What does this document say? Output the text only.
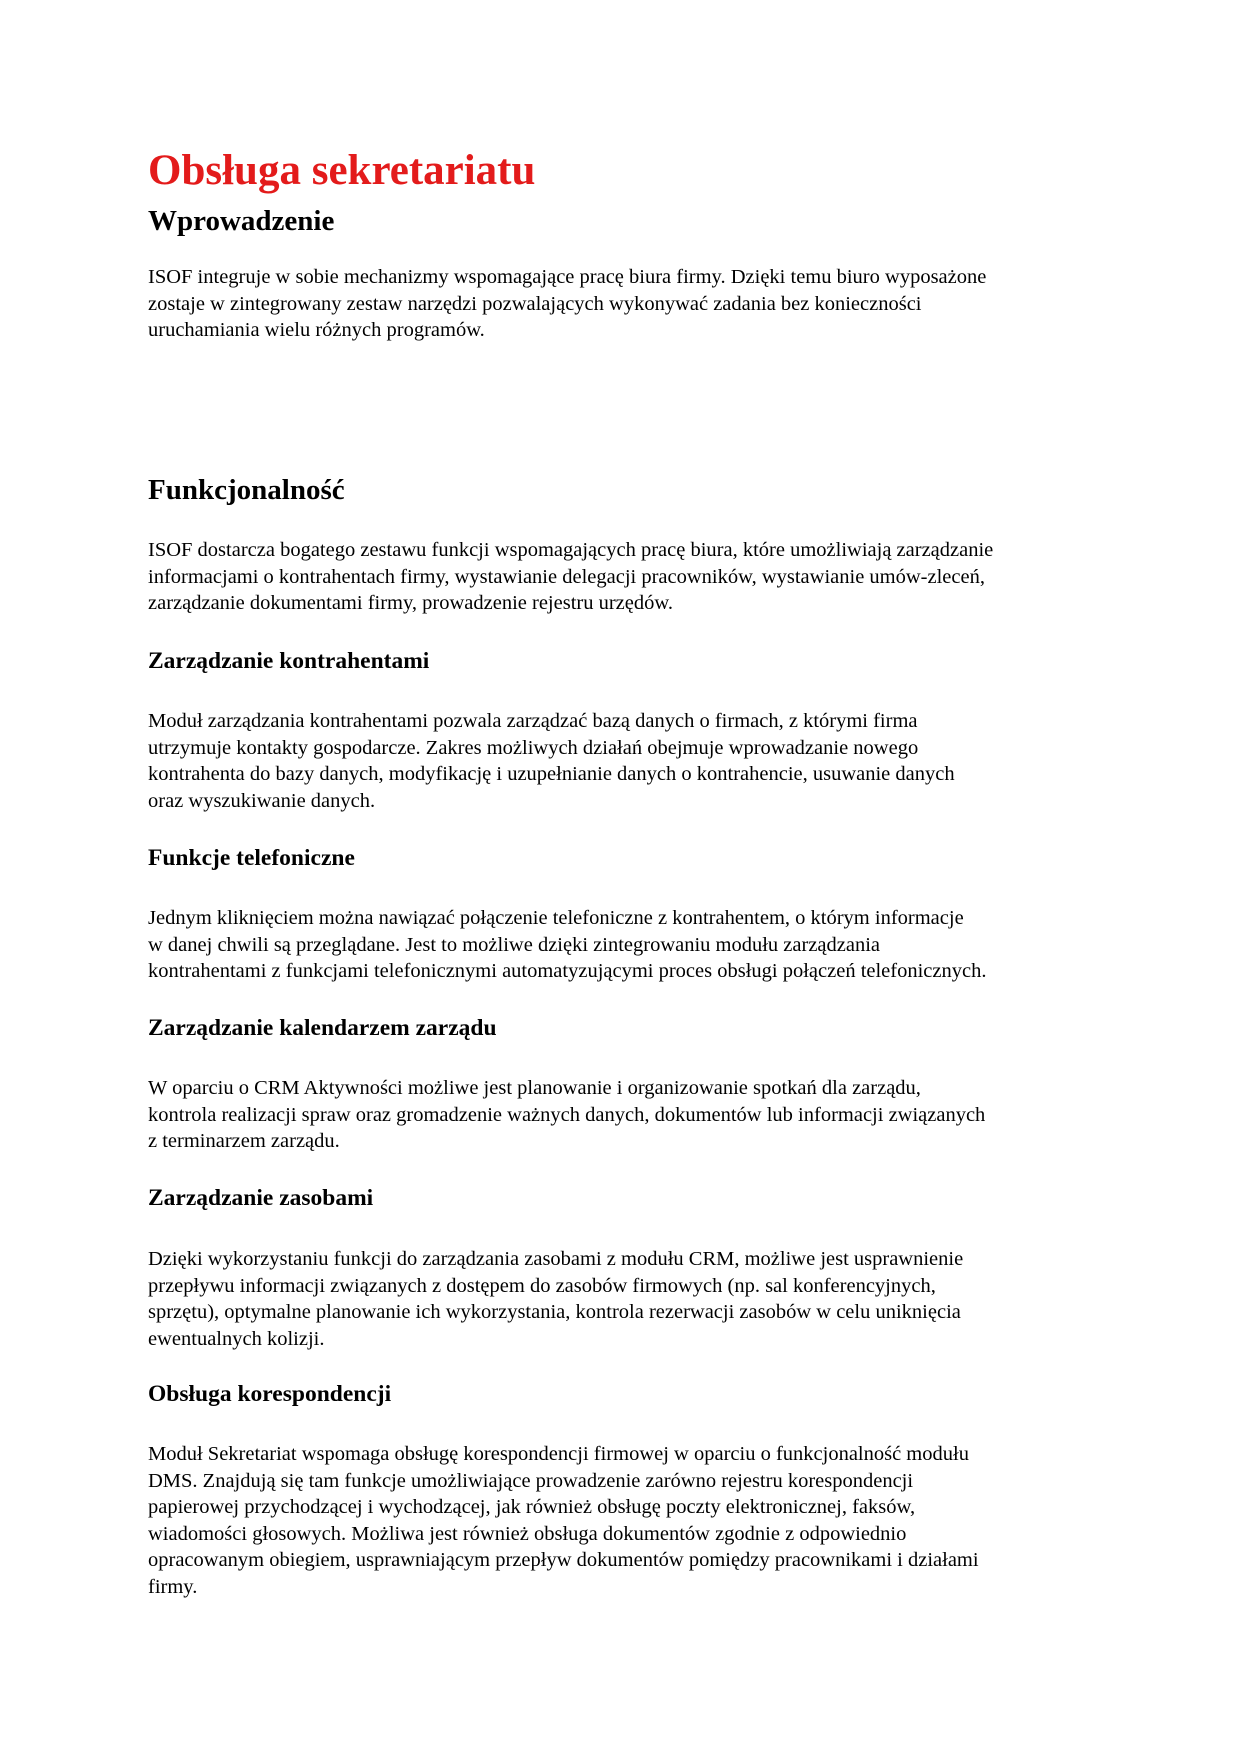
Obsługa sekretariatu
Wprowadzenie
ISOF integruje w sobie mechanizmy wspomagające pracę biura firmy. Dzięki temu biuro wyposażone
zostaje w zintegrowany zestaw narzędzi pozwalających wykonywać zadania bez konieczności
uruchamiania wielu różnych programów.
Funkcjonalność
ISOF dostarcza bogatego zestawu funkcji wspomagających pracę biura, które umożliwiają zarządzanie
informacjami o kontrahentach firmy, wystawianie delegacji pracowników, wystawianie umów-zleceń,
zarządzanie dokumentami firmy, prowadzenie rejestru urzędów.
Zarządzanie kontrahentami
Moduł zarządzania kontrahentami pozwala zarządzać bazą danych o firmach, z którymi firma
utrzymuje kontakty gospodarcze. Zakres możliwych działań obejmuje wprowadzanie nowego
kontrahenta do bazy danych, modyfikację i uzupełnianie danych o kontrahencie, usuwanie danych
oraz wyszukiwanie danych.
Funkcje telefoniczne
Jednym kliknięciem można nawiązać połączenie telefoniczne z kontrahentem, o którym informacje
w danej chwili są przeglądane. Jest to możliwe dzięki zintegrowaniu modułu zarządzania
kontrahentami z funkcjami telefonicznymi automatyzującymi proces obsługi połączeń telefonicznych.
Zarządzanie kalendarzem zarządu
W oparciu o CRM Aktywności możliwe jest planowanie i organizowanie spotkań dla zarządu,
kontrola realizacji spraw oraz gromadzenie ważnych danych, dokumentów lub informacji związanych
z terminarzem zarządu.
Zarządzanie zasobami
Dzięki wykorzystaniu funkcji do zarządzania zasobami z modułu CRM, możliwe jest usprawnienie
przepływu informacji związanych z dostępem do zasobów firmowych (np. sal konferencyjnych,
sprzętu), optymalne planowanie ich wykorzystania, kontrola rezerwacji zasobów w celu uniknięcia
ewentualnych kolizji.
Obsługa korespondencji
Moduł Sekretariat wspomaga obsługę korespondencji firmowej w oparciu o funkcjonalność modułu
DMS. Znajdują się tam funkcje umożliwiające prowadzenie zarówno rejestru korespondencji
papierowej przychodzącej i wychodzącej, jak również obsługę poczty elektronicznej, faksów,
wiadomości głosowych. Możliwa jest również obsługa dokumentów zgodnie z odpowiednio
opracowanym obiegiem, usprawniającym przepływ dokumentów pomiędzy pracownikami i działami
firmy.
